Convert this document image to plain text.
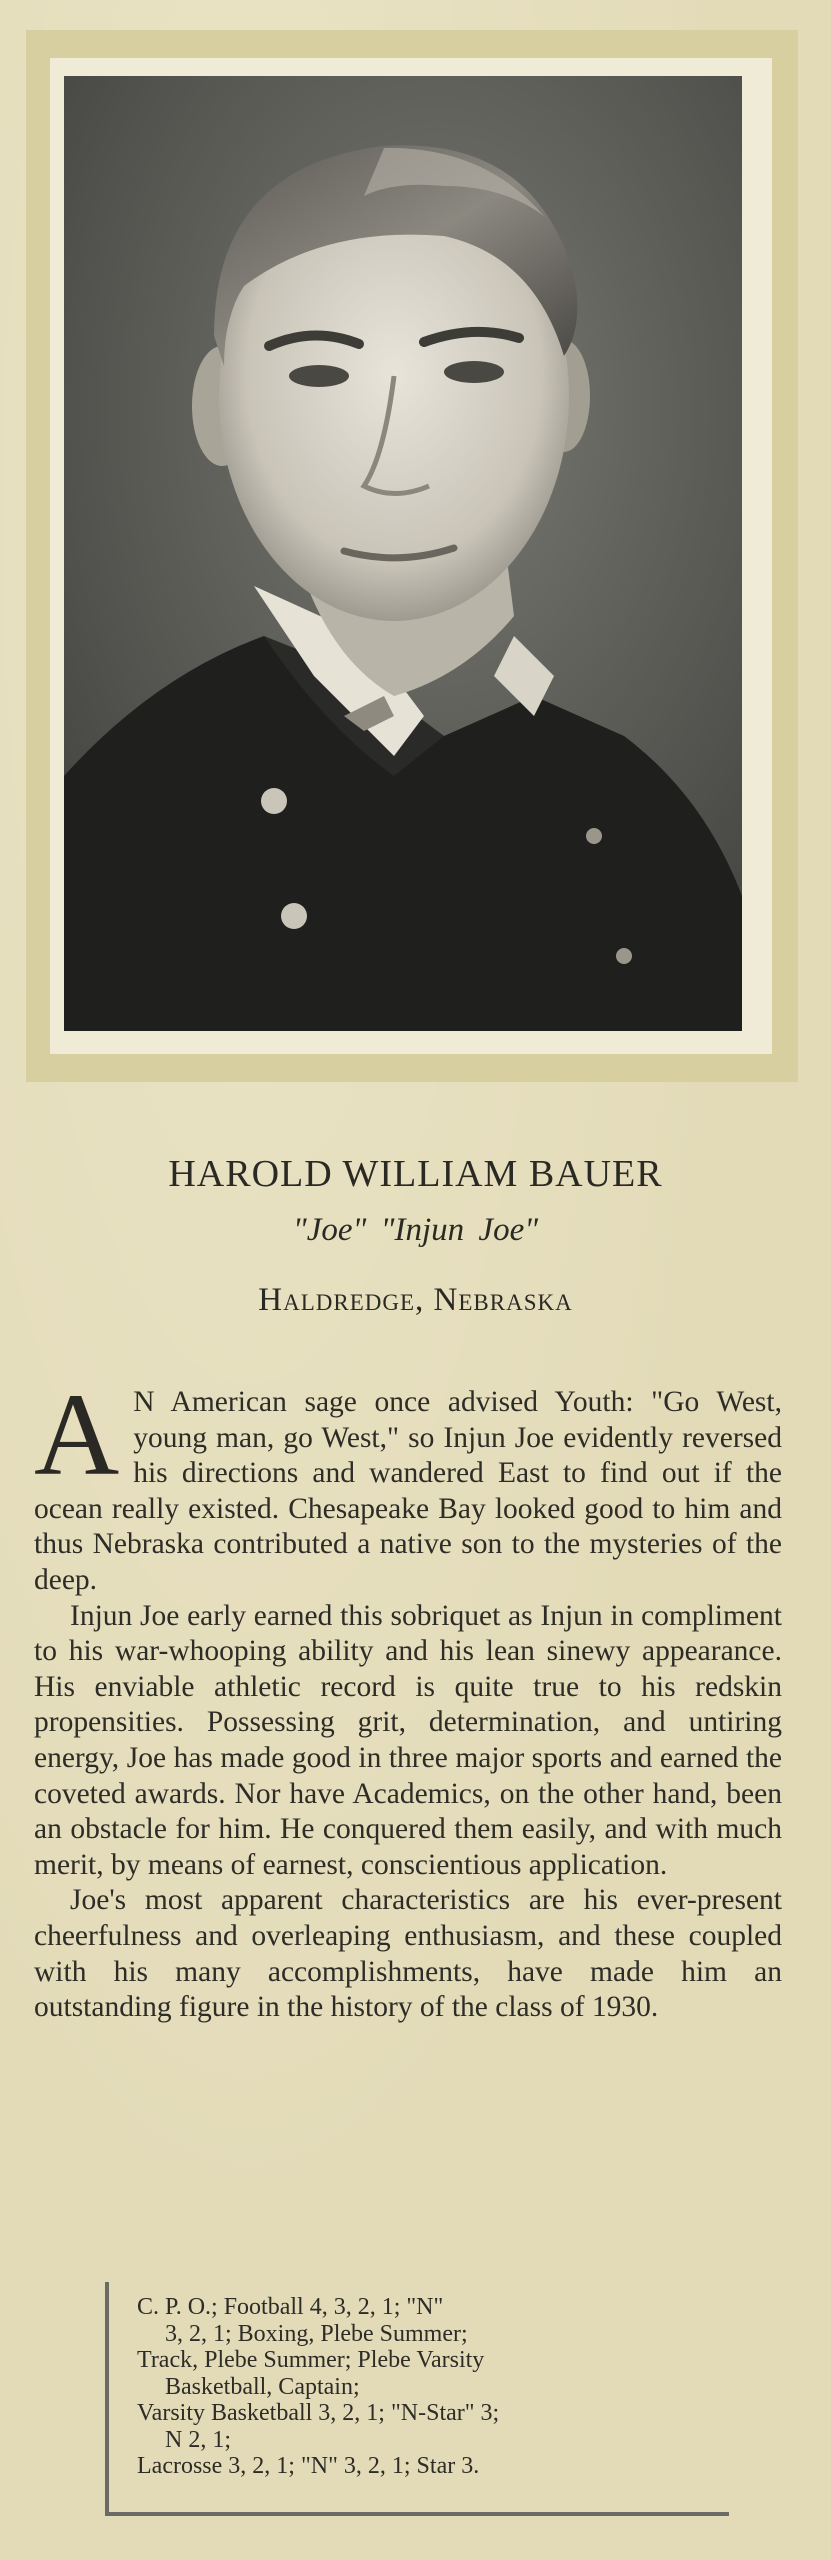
HAROLD WILLIAM BAUER
"Joe" "Injun Joe"
Haldredge, Nebraska

A N American sage once advised Youth: "Go West, young man, go West," so Injun Joe evidently reversed his directions and wandered East to find out if the ocean really existed. Chesapeake Bay looked good to him and thus Nebraska contributed a native son to the mysteries of the deep.

Injun Joe early earned this sobriquet as Injun in compliment to his war-whooping ability and his lean sinewy appearance. His enviable athletic record is quite true to his redskin propensities. Possessing grit, determination, and untiring energy, Joe has made good in three major sports and earned the coveted awards. Nor have Academics, on the other hand, been an obstacle for him. He conquered them easily, and with much merit, by means of earnest, conscientious application.

Joe's most apparent characteristics are his ever-present cheerfulness and overleaping enthusiasm, and these coupled with his many accomplishments, have made him an outstanding figure in the history of the class of 1930.

C. P. O.; Football 4, 3, 2, 1; "N"
3, 2, 1; Boxing, Plebe Summer;
Track, Plebe Summer; Plebe Varsity
Basketball, Captain;
Varsity Basketball 3, 2, 1; "N-Star" 3;
N 2, 1;
Lacrosse 3, 2, 1; "N" 3, 2, 1; Star 3.
